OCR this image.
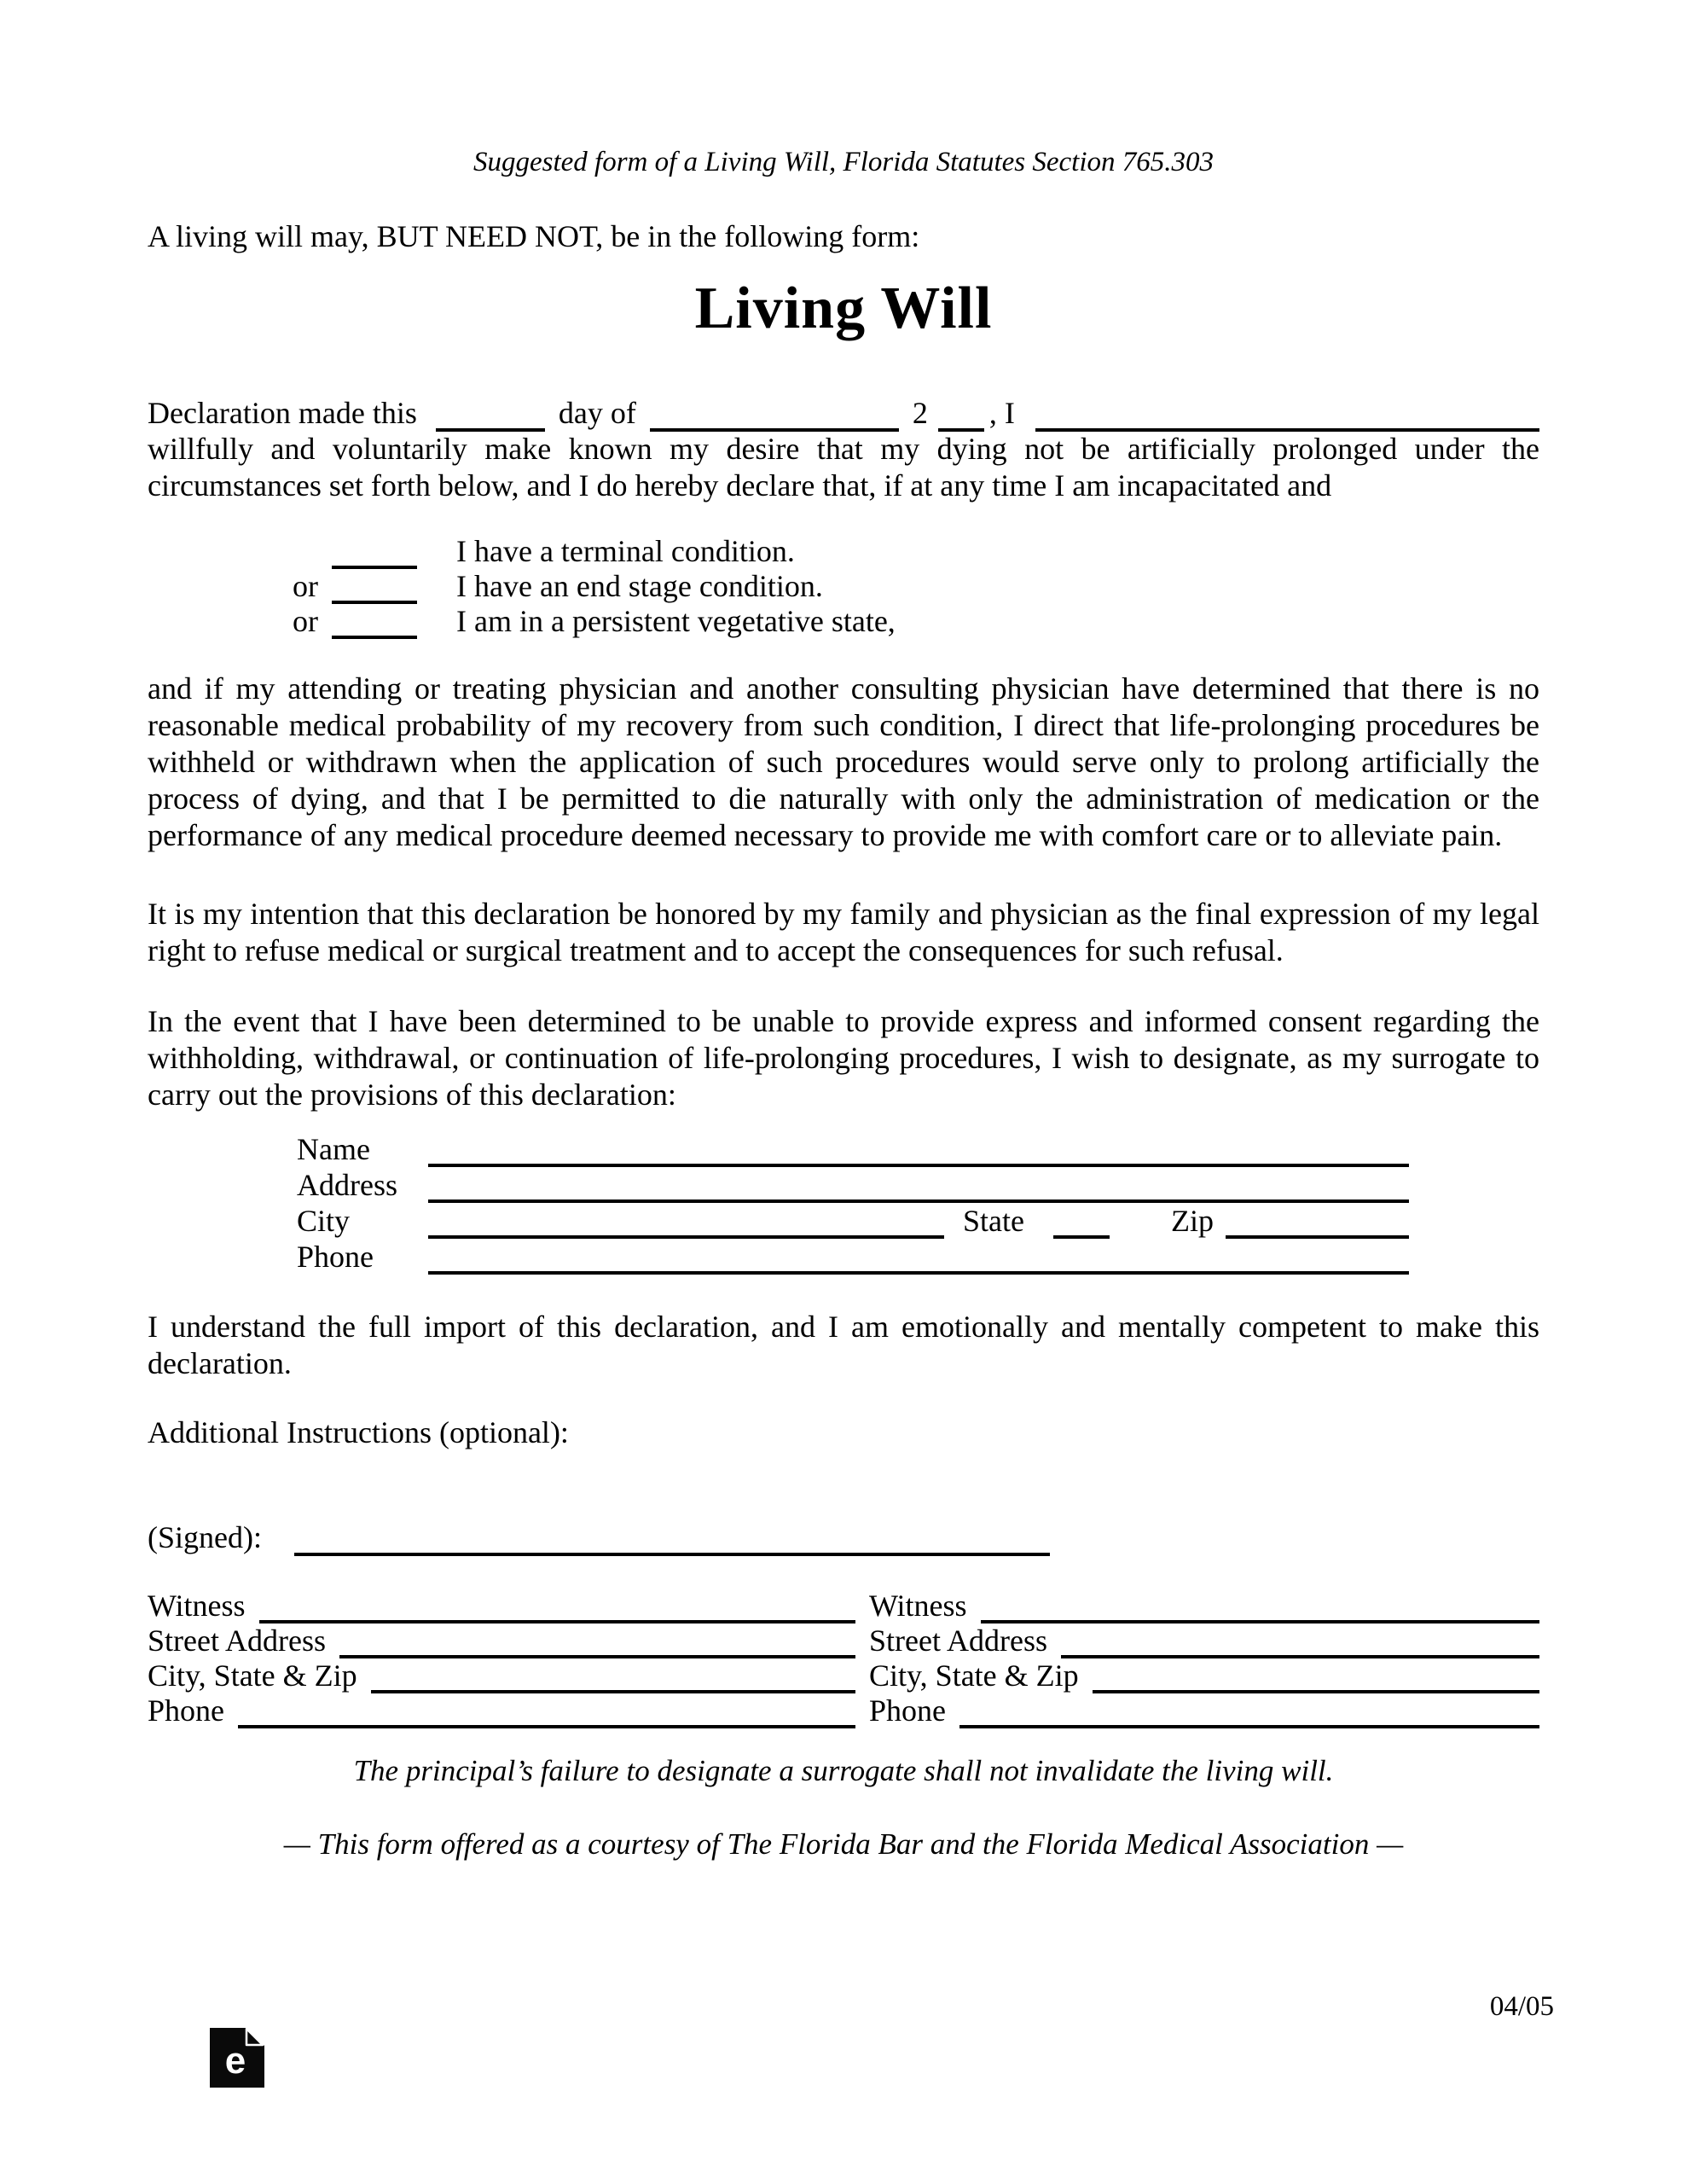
Suggested form of a Living Will, Florida Statutes Section 765.303
A living will may, BUT NEED NOT, be in the following form:
Living Will
Declaration made this	day of	2 , I
willfully and voluntarily make known my desire that my dying not be artificially prolonged under the circumstances set forth below, and I do hereby declare that, if at any time I am incapacitated and
I have a terminal condition.
or	I have an end stage condition.
or	I am in a persistent vegetative state,
and if my attending or treating physician and another consulting physician have determined that there is no reasonable medical probability of my recovery from such condition, I direct that life-prolonging procedures be withheld or withdrawn when the application of such procedures would serve only to prolong artificially the process of dying, and that I be permitted to die naturally with only the administration of medication or the performance of any medical procedure deemed necessary to provide me with comfort care or to alleviate pain.
It is my intention that this declaration be honored by my family and physician as the final expression of my legal right to refuse medical or surgical treatment and to accept the consequences for such refusal.
In the event that I have been determined to be unable to provide express and informed consent regarding the withholding, withdrawal, or continuation of life-prolonging procedures, I wish to designate, as my surrogate to carry out the provisions of this declaration:
Name
Address
City	State	Zip
Phone
I understand the full import of this declaration, and I am emotionally and mentally competent to make this declaration.
Additional Instructions (optional):
(Signed):
Witness
Street Address
City, State & Zip
Phone
Witness
Street Address
City, State & Zip
Phone
The principal’s failure to designate a surrogate shall not invalidate the living will.
— This form offered as a courtesy of The Florida Bar and the Florida Medical Association —
04/05
e
